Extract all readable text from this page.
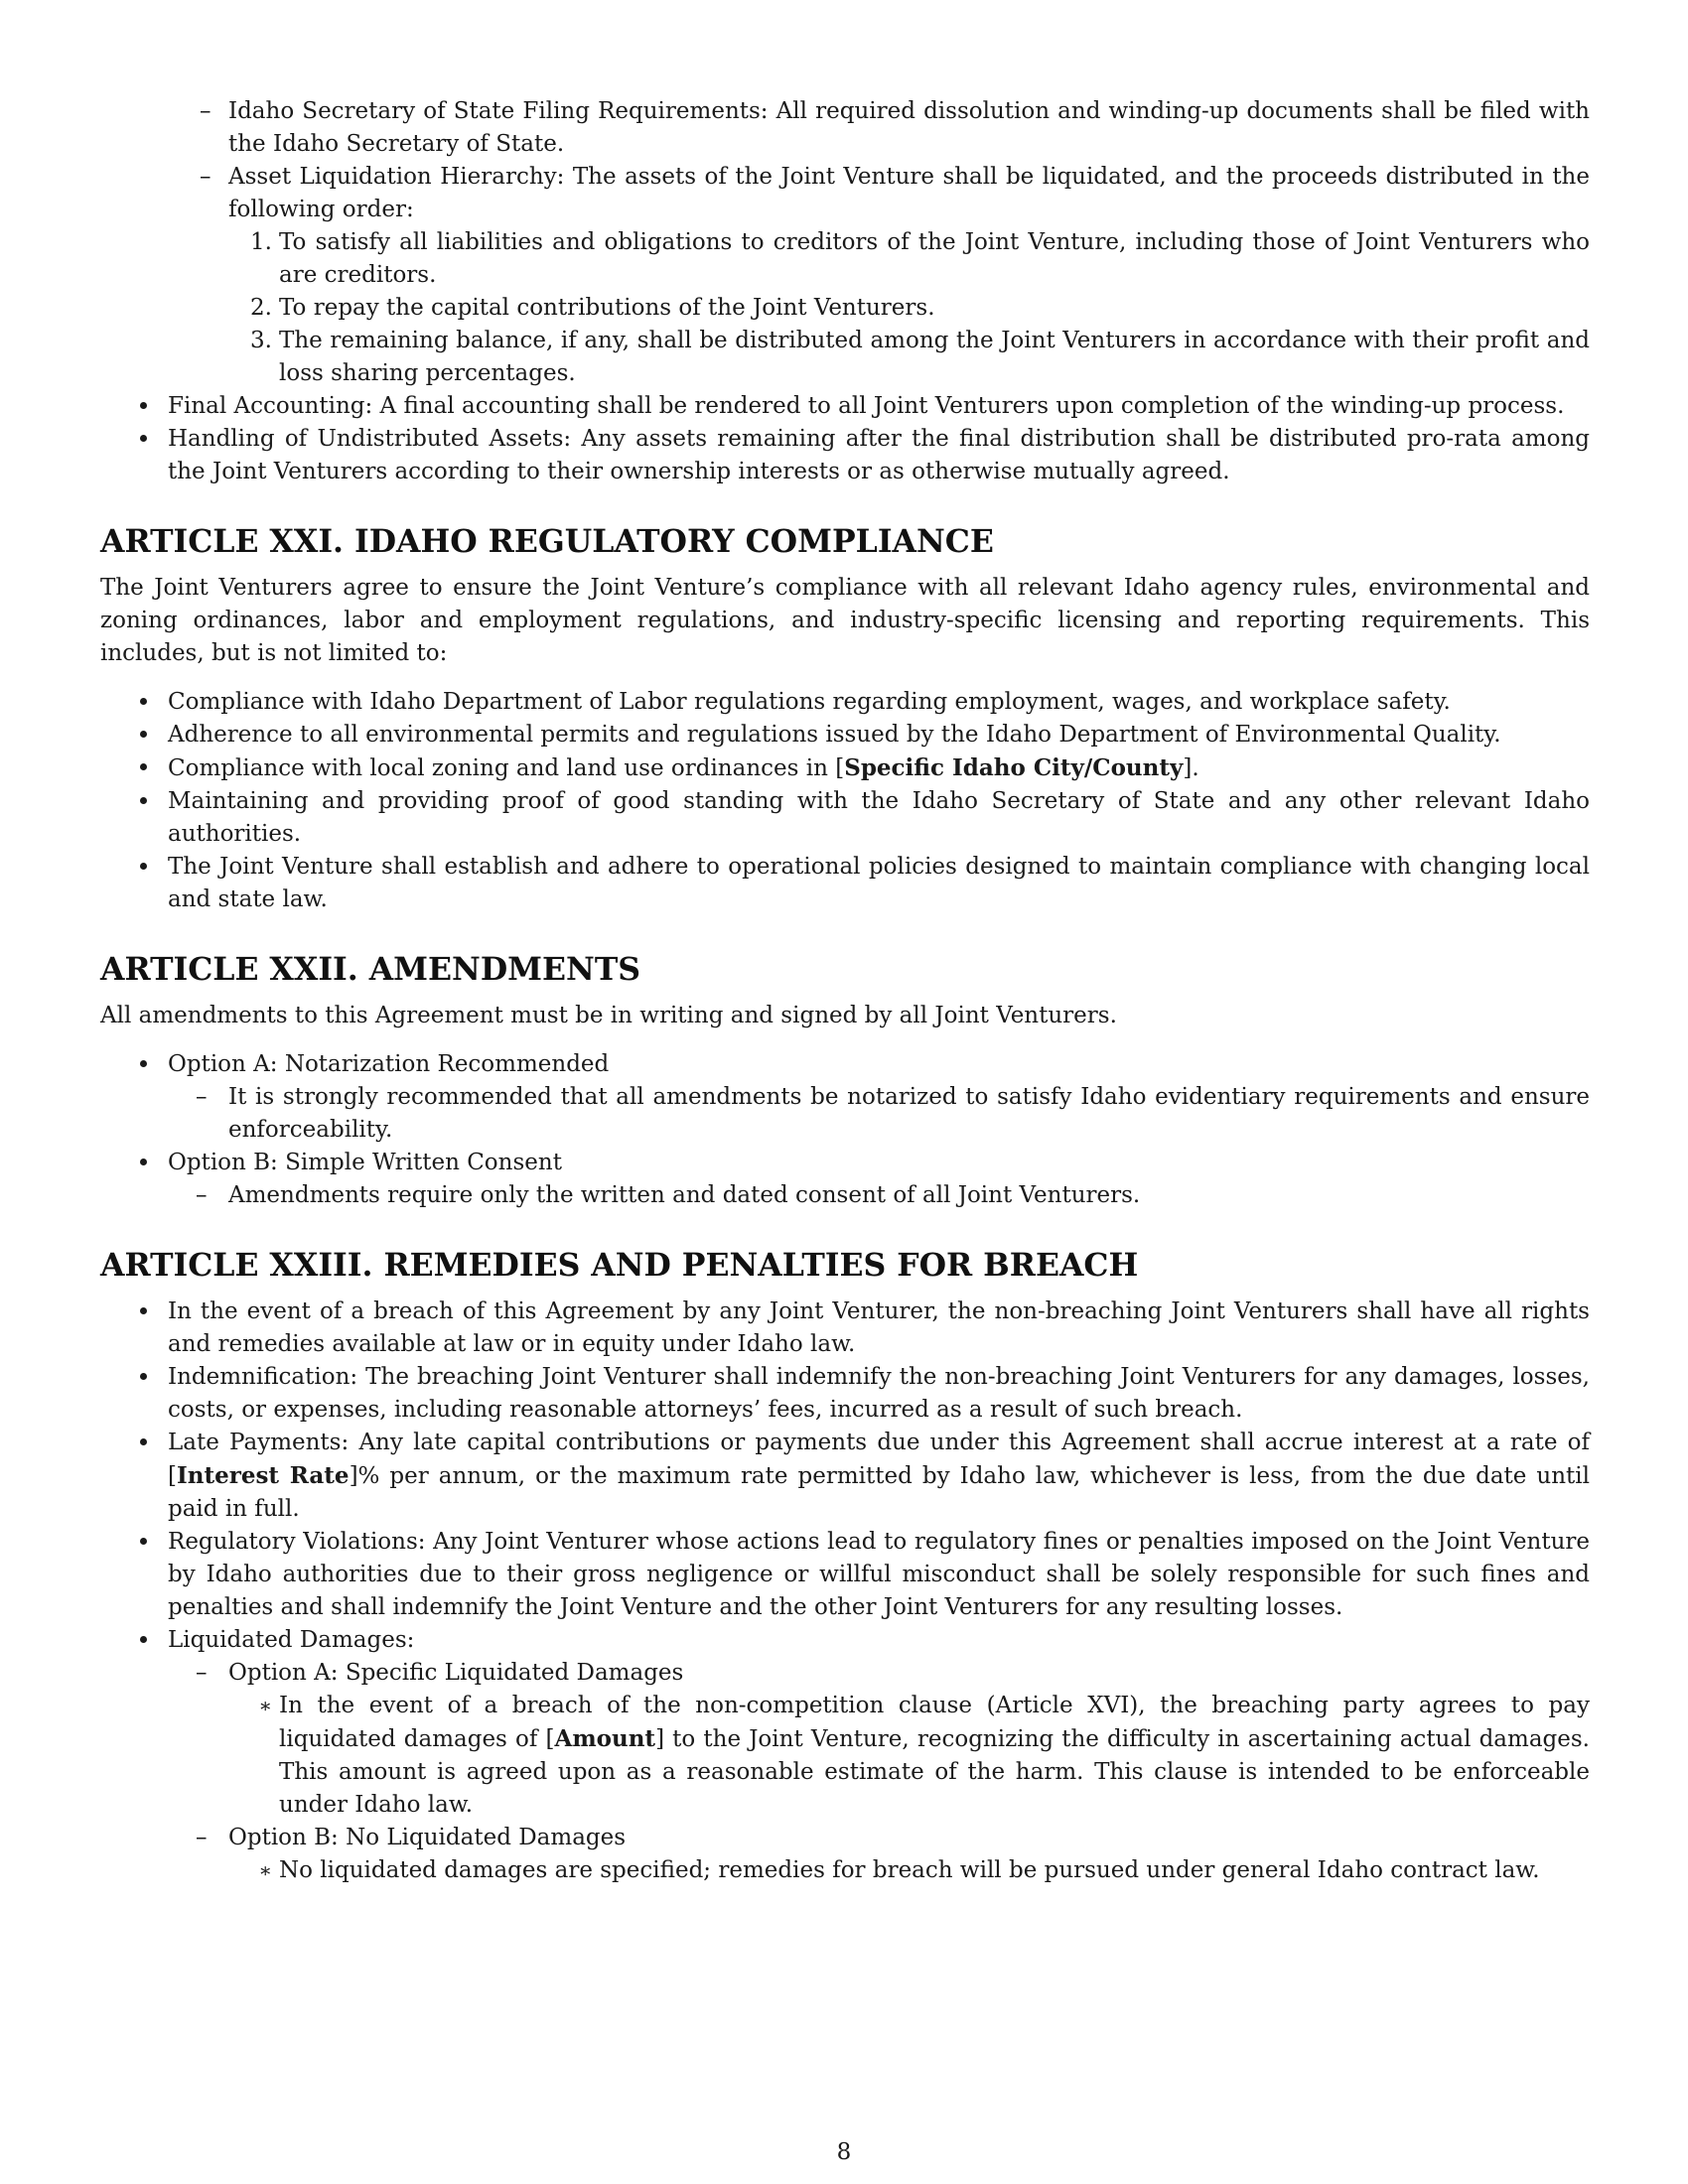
– Idaho Secretary of State Filing Requirements: All required dissolution and winding-up documents shall be filed with the Idaho Secretary of State.
– Asset Liquidation Hierarchy: The assets of the Joint Venture shall be liquidated, and the proceeds distributed in the following order:
1. To satisfy all liabilities and obligations to creditors of the Joint Venture, including those of Joint Venturers who are creditors.
2. To repay the capital contributions of the Joint Venturers.
3. The remaining balance, if any, shall be distributed among the Joint Venturers in accordance with their profit and loss sharing percentages.
Final Accounting: A final accounting shall be rendered to all Joint Venturers upon completion of the winding-up process.
Handling of Undistributed Assets: Any assets remaining after the final distribution shall be distributed pro-rata among the Joint Venturers according to their ownership interests or as otherwise mutually agreed.
ARTICLE XXI. IDAHO REGULATORY COMPLIANCE

The Joint Venturers agree to ensure the Joint Venture’s compliance with all relevant Idaho agency rules, environmental and zoning ordinances, labor and employment regulations, and industry-specific licensing and reporting requirements. This includes, but is not limited to:

Compliance with Idaho Department of Labor regulations regarding employment, wages, and workplace safety.
Adherence to all environmental permits and regulations issued by the Idaho Department of Environmental Quality.
Compliance with local zoning and land use ordinances in [Specific Idaho City/County].
Maintaining and providing proof of good standing with the Idaho Secretary of State and any other relevant Idaho authorities.
The Joint Venture shall establish and adhere to operational policies designed to maintain compliance with changing local and state law.
ARTICLE XXII. AMENDMENTS

All amendments to this Agreement must be in writing and signed by all Joint Venturers.

Option A: Notarization Recommended
– It is strongly recommended that all amendments be notarized to satisfy Idaho evidentiary requirements and ensure enforceability.
Option B: Simple Written Consent
– Amendments require only the written and dated consent of all Joint Venturers.
ARTICLE XXIII. REMEDIES AND PENALTIES FOR BREACH
In the event of a breach of this Agreement by any Joint Venturer, the non-breaching Joint Venturers shall have all rights and remedies available at law or in equity under Idaho law.
Indemnification: The breaching Joint Venturer shall indemnify the non-breaching Joint Venturers for any damages, losses, costs, or expenses, including reasonable attorneys’ fees, incurred as a result of such breach.
Late Payments: Any late capital contributions or payments due under this Agreement shall accrue interest at a rate of [Interest Rate]% per annum, or the maximum rate permitted by Idaho law, whichever is less, from the due date until paid in full.
Regulatory Violations: Any Joint Venturer whose actions lead to regulatory fines or penalties imposed on the Joint Venture by Idaho authorities due to their gross negligence or willful misconduct shall be solely responsible for such fines and penalties and shall indemnify the Joint Venture and the other Joint Venturers for any resulting losses.
Liquidated Damages:
– Option A: Specific Liquidated Damages
∗ In the event of a breach of the non-competition clause (Article XVI), the breaching party agrees to pay liquidated damages of [Amount] to the Joint Venture, recognizing the difficulty in ascertaining actual damages. This amount is agreed upon as a reasonable estimate of the harm. This clause is intended to be enforceable under Idaho law.
– Option B: No Liquidated Damages
∗ No liquidated damages are specified; remedies for breach will be pursued under general Idaho contract law.
8
